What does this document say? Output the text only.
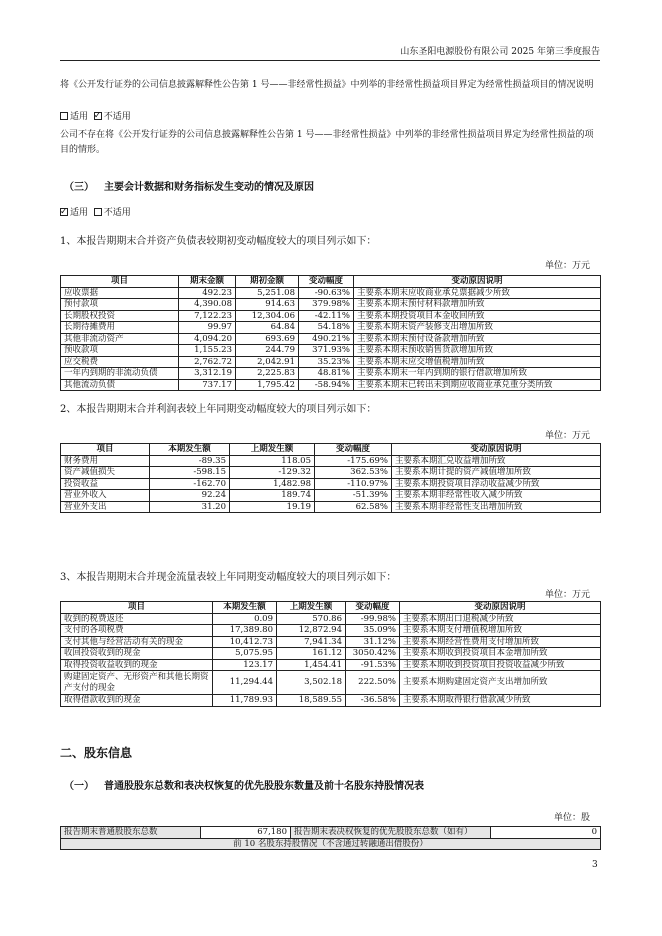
山东圣阳电源股份有限公司 2025 年第三季度报告
将《公开发行证券的公司信息披露解释性公告第 1 号——非经常性损益》中列举的非经常性损益项目界定为经常性损益项目的情况说明
适用 ✓ 不适用
公司不存在将《公开发行证券的公司信息披露解释性公告第 1 号——非经常性损益》中列举的非经常性损益项目界定为经常性损益的项目的情形。
（三） 主要会计数据和财务指标发生变动的情况及原因
✓适用 不适用
1、本报告期期末合并资产负债表较期初变动幅度较大的项目列示如下：
单位：万元
项目	期末金额	期初金额	变动幅度	变动原因说明
应收票据	492.23	5,251.08	-90.63%	主要系本期末应收商业承兑票据减少所致
预付款项	4,390.08	914.63	379.98%	主要系本期末预付材料款增加所致
长期股权投资	7,122.23	12,304.06	-42.11%	主要系本期投资项目本金收回所致
长期待摊费用	99.97	64.84	54.18%	主要系本期末资产装修支出增加所致
其他非流动资产	4,094.20	693.69	490.21%	主要系本期末预付设备款增加所致
预收款项	1,155.23	244.79	371.93%	主要系本期末预收销售货款增加所致
应交税费	2,762.72	2,042.91	35.23%	主要系本期末应交增值税增加所致
一年内到期的非流动负债	3,312.19	2,225.83	48.81%	主要系本期末一年内到期的银行借款增加所致
其他流动负债	737.17	1,795.42	-58.94%	主要系本期末已转出未到期应收商业承兑重分类所致
2、本报告期期末合并利润表较上年同期变动幅度较大的项目列示如下：
单位：万元
项目	本期发生额	上期发生额	变动幅度	变动原因说明
财务费用	-89.35	118.05	-175.69%	主要系本期汇兑收益增加所致
资产减值损失	-598.15	-129.32	362.53%	主要系本期计提的资产减值增加所致
投资收益	-162.70	1,482.98	-110.97%	主要系本期投资项目浮动收益减少所致
营业外收入	92.24	189.74	-51.39%	主要系本期非经常性收入减少所致
营业外支出	31.20	19.19	62.58%	主要系本期非经常性支出增加所致
3、本报告期期末合并现金流量表较上年同期变动幅度较大的项目列示如下：
单位：万元
项目	本期发生额	上期发生额	变动幅度	变动原因说明
收到的税费返还	0.09	570.86	-99.98%	主要系本期出口退税减少所致
支付的各项税费	17,389.80	12,872.94	35.09%	主要系本期支付增值税增加所致
支付其他与经营活动有关的现金	10,412.73	7,941.34	31.12%	主要系本期经营性费用支付增加所致
收回投资收到的现金	5,075.95	161.12	3050.42%	主要系本期收到投资项目本金增加所致
取得投资收益收到的现金	123.17	1,454.41	-91.53%	主要系本期收到投资项目投资收益减少所致
购建固定资产、无形资产和其他长期资产支付的现金	11,294.44	3,502.18	222.50%	主要系本期购建固定资产支出增加所致
取得借款收到的现金	11,789.93	18,589.55	-36.58%	主要系本期取得银行借款减少所致
二、股东信息
（一） 普通股股东总数和表决权恢复的优先股股东数量及前十名股东持股情况表
单位：股
报告期末普通股股东总数	67,180	报告期末表决权恢复的优先股股东总数（如有）	0
前 10 名股东持股情况（不含通过转融通出借股份）
3
